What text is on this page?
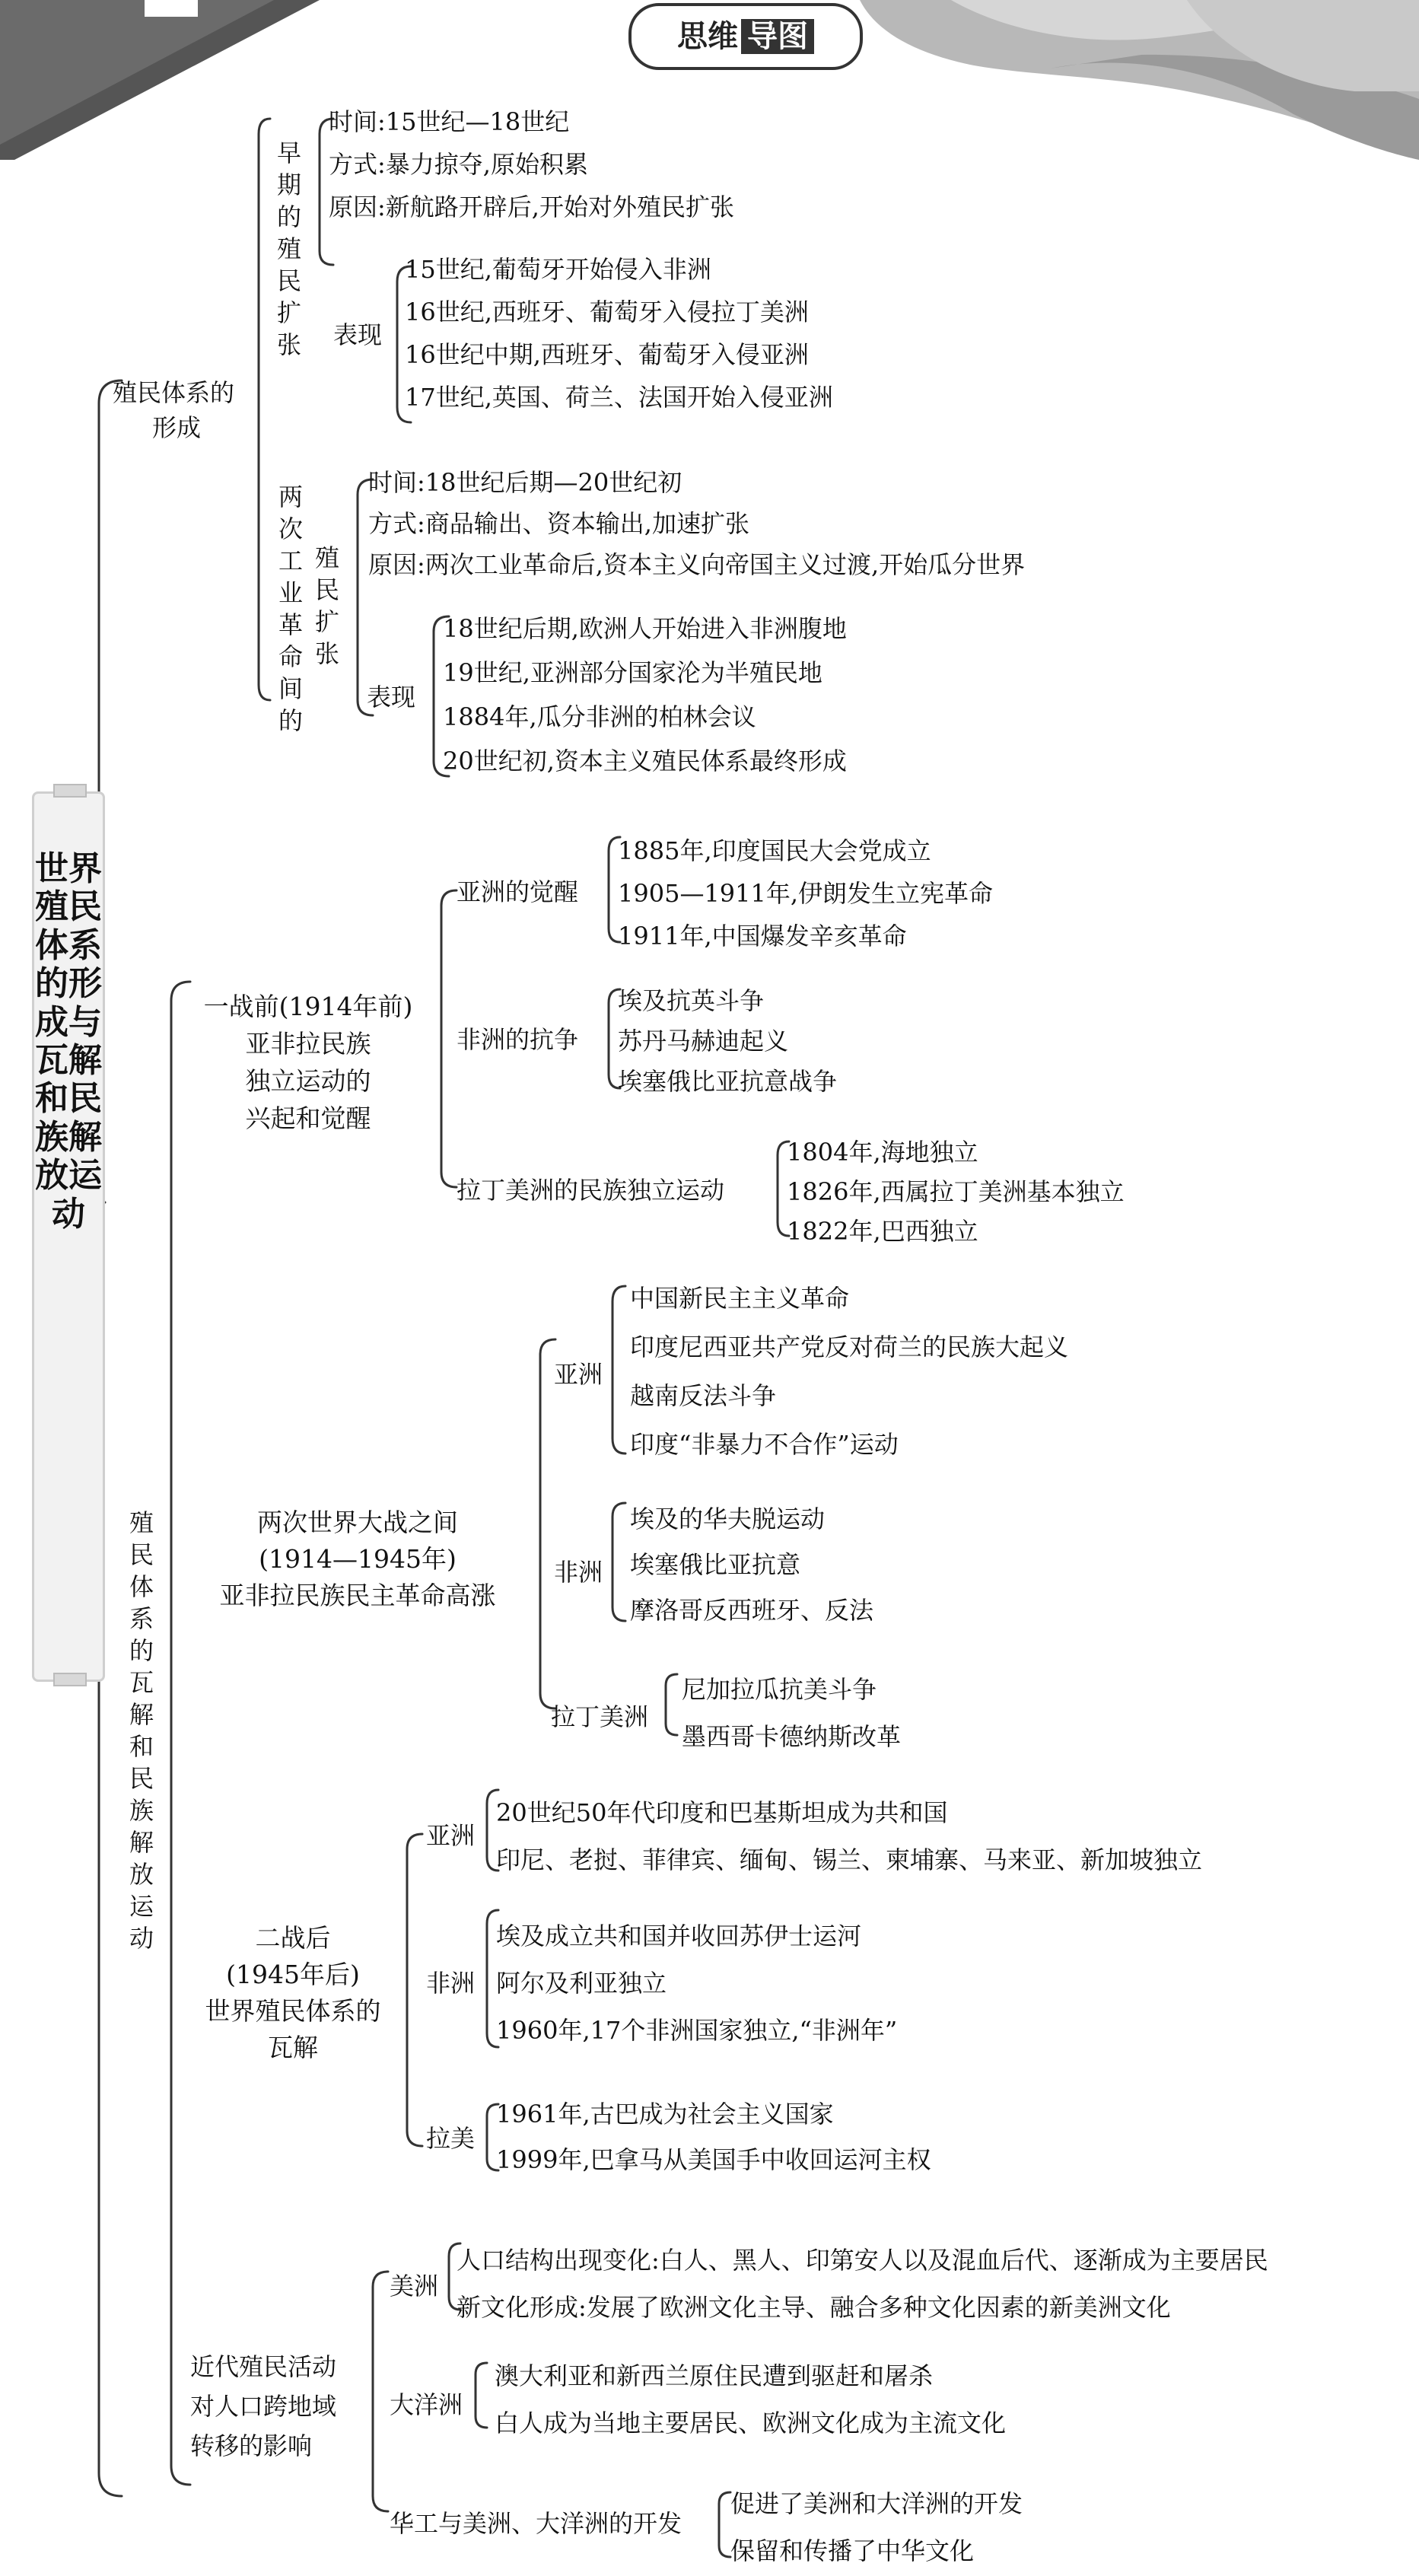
思维 导图
世界殖民体系的形成与瓦解和民族解放运动
殖民体系的
形成
早期的殖民扩张
时间:15世纪—18世纪
方式:暴力掠夺,原始积累
原因:新航路开辟后,开始对外殖民扩张
表现
15世纪,葡萄牙开始侵入非洲
16世纪,西班牙、葡萄牙入侵拉丁美洲
16世纪中期,西班牙、葡萄牙入侵亚洲
17世纪,英国、荷兰、法国开始入侵亚洲
两次工业革命间的
殖民扩张
时间:18世纪后期—20世纪初
方式:商品输出、资本输出,加速扩张
原因:两次工业革命后,资本主义向帝国主义过渡,开始瓜分世界
表现
18世纪后期,欧洲人开始进入非洲腹地
19世纪,亚洲部分国家沦为半殖民地
1884年,瓜分非洲的柏林会议
20世纪初,资本主义殖民体系最终形成
殖民体系的瓦解和民族解放运动
一战前(1914年前)
亚非拉民族
独立运动的
兴起和觉醒
亚洲的觉醒
1885年,印度国民大会党成立
1905—1911年,伊朗发生立宪革命
1911年,中国爆发辛亥革命
非洲的抗争
埃及抗英斗争
苏丹马赫迪起义
埃塞俄比亚抗意战争
拉丁美洲的民族独立运动
1804年,海地独立
1826年,西属拉丁美洲基本独立
1822年,巴西独立
两次世界大战之间
(1914—1945年)
亚非拉民族民主革命高涨
亚洲
中国新民主主义革命
印度尼西亚共产党反对荷兰的民族大起义
越南反法斗争
印度“非暴力不合作”运动
非洲
埃及的华夫脱运动
埃塞俄比亚抗意
摩洛哥反西班牙、反法
拉丁美洲
尼加拉瓜抗美斗争
墨西哥卡德纳斯改革
二战后
(1945年后)
世界殖民体系的
瓦解
亚洲
20世纪50年代印度和巴基斯坦成为共和国
印尼、老挝、菲律宾、缅甸、锡兰、柬埔寨、马来亚、新加坡独立
非洲
埃及成立共和国并收回苏伊士运河
阿尔及利亚独立
1960年,17个非洲国家独立,“非洲年”
拉美
1961年,古巴成为社会主义国家
1999年,巴拿马从美国手中收回运河主权
近代殖民活动
对人口跨地域
转移的影响
美洲
人口结构出现变化:白人、黑人、印第安人以及混血后代、逐渐成为主要居民
新文化形成:发展了欧洲文化主导、融合多种文化因素的新美洲文化
大洋洲
澳大利亚和新西兰原住民遭到驱赶和屠杀
白人成为当地主要居民、欧洲文化成为主流文化
华工与美洲、大洋洲的开发
促进了美洲和大洋洲的开发
保留和传播了中华文化
